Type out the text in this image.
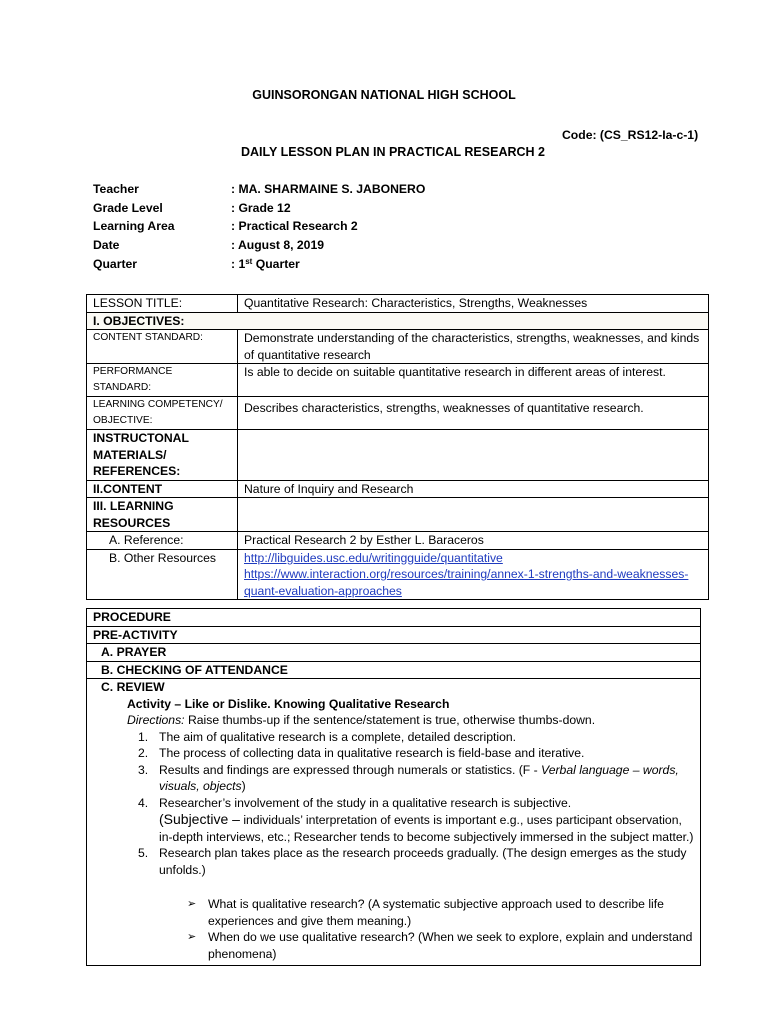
GUINSORONGAN NATIONAL HIGH SCHOOL
Code: (CS_RS12-Ia-c-1)
DAILY LESSON PLAN IN PRACTICAL RESEARCH 2
Teacher	: MA. SHARMAINE S. JABONERO
Grade Level	: Grade 12
Learning Area	: Practical Research 2
Date	: August 8, 2019
Quarter	: 1st Quarter
LESSON TITLE:	Quantitative Research: Characteristics, Strengths, Weaknesses
I. OBJECTIVES:	
CONTENT STANDARD:	Demonstrate understanding of the characteristics, strengths, weaknesses, and kinds of quantitative research
PERFORMANCE STANDARD:	Is able to decide on suitable quantitative research in different areas of interest.
LEARNING COMPETENCY/ OBJECTIVE:	Describes characteristics, strengths, weaknesses of quantitative research.
INSTRUCTONAL MATERIALS/ REFERENCES:	
II.CONTENT	Nature of Inquiry and Research
III. LEARNING RESOURCES	
A. Reference:	Practical Research 2 by Esther L. Baraceros
B. Other Resources	http://libguides.usc.edu/writingguide/quantitative
https://www.interaction.org/resources/training/annex-1-strengths-and-weaknesses-quant-evaluation-approaches
PROCEDURE
PRE-ACTIVITY
A. PRAYER
B. CHECKING OF ATTENDANCE

C. REVIEW
Activity – Like or Dislike. Knowing Qualitative Research
Directions: Raise thumbs-up if the sentence/statement is true, otherwise thumbs-down.
1. The aim of qualitative research is a complete, detailed description.
2. The process of collecting data in qualitative research is field-base and iterative.
3. Results and findings are expressed through numerals or statistics. (F - Verbal language – words, visuals, objects)
4. Researcher’s involvement of the study in a qualitative research is subjective.
(Subjective – individuals’ interpretation of events is important e.g., uses participant observation, in-depth interviews, etc.; Researcher tends to become subjectively immersed in the subject matter.)
5. Research plan takes place as the research proceeds gradually. (The design emerges as the study unfolds.)
➢ What is qualitative research? (A systematic subjective approach used to describe life experiences and give them meaning.)
➢ When do we use qualitative research? (When we seek to explore, explain and understand phenomena)
